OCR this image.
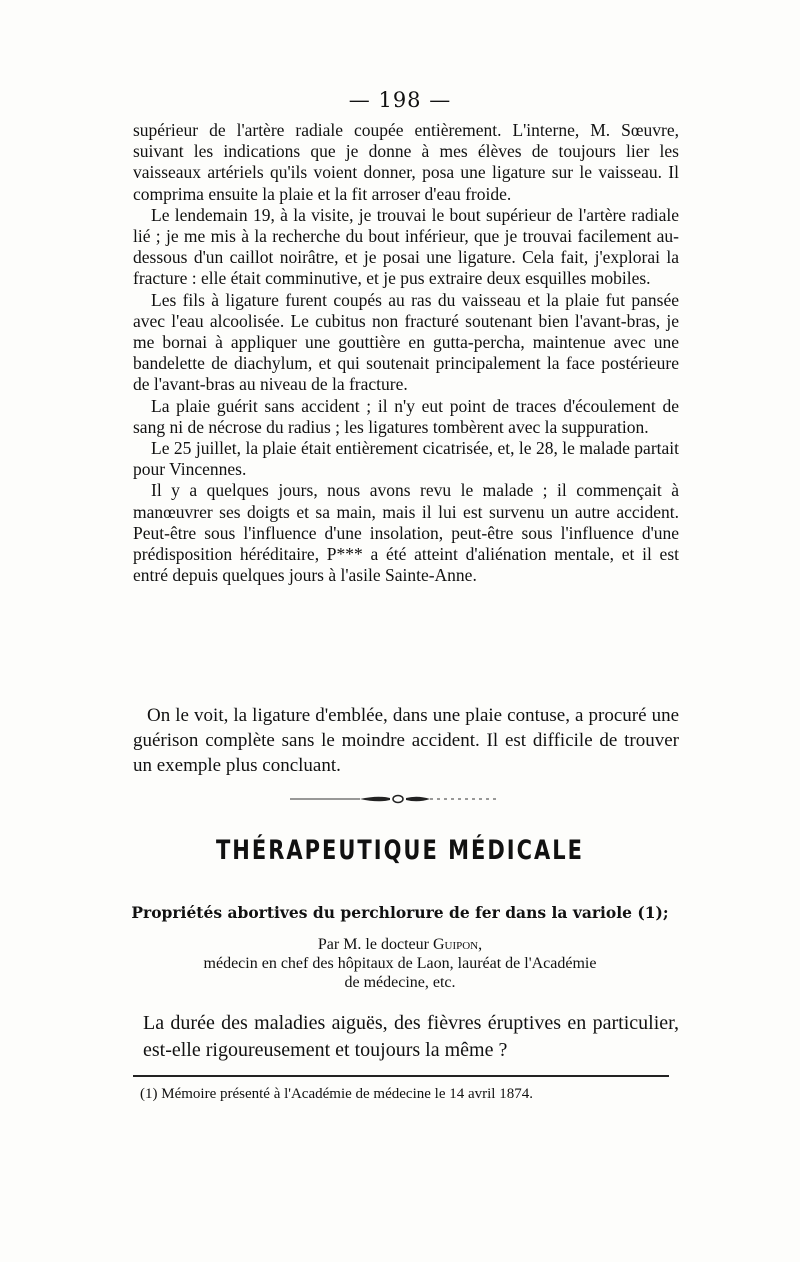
— 198 —

supérieur de l'artère radiale coupée entièrement. L'interne, M. Sœuvre, suivant les indications que je donne à mes élèves de toujours lier les vaisseaux artériels qu'ils voient donner, posa une ligature sur le vaisseau. Il comprima ensuite la plaie et la fit arroser d'eau froide.

Le lendemain 19, à la visite, je trouvai le bout supérieur de l'artère radiale lié ; je me mis à la recherche du bout inférieur, que je trouvai facilement au-dessous d'un caillot noirâtre, et je posai une ligature. Cela fait, j'explorai la fracture : elle était comminutive, et je pus extraire deux esquilles mobiles.

Les fils à ligature furent coupés au ras du vaisseau et la plaie fut pansée avec l'eau alcoolisée. Le cubitus non fracturé soutenant bien l'avant-bras, je me bornai à appliquer une gouttière en gutta-percha, maintenue avec une bandelette de diachylum, et qui soutenait principalement la face postérieure de l'avant-bras au niveau de la fracture.

La plaie guérit sans accident ; il n'y eut point de traces d'écoulement de sang ni de nécrose du radius ; les ligatures tombèrent avec la suppuration.

Le 25 juillet, la plaie était entièrement cicatrisée, et, le 28, le malade partait pour Vincennes.

Il y a quelques jours, nous avons revu le malade ; il commençait à manœuvrer ses doigts et sa main, mais il lui est survenu un autre accident. Peut-être sous l'influence d'une insolation, peut-être sous l'influence d'une prédisposition héréditaire, P*** a été atteint d'aliénation mentale, et il est entré depuis quelques jours à l'asile Sainte-Anne.

On le voit, la ligature d'emblée, dans une plaie contuse, a procuré une guérison complète sans le moindre accident. Il est difficile de trouver un exemple plus concluant.

THÉRAPEUTIQUE MÉDICALE
Propriétés abortives du perchlorure de fer dans la variole (1);
Par M. le docteur Guipon,
médecin en chef des hôpitaux de Laon, lauréat de l'Académie
de médecine, etc.

La durée des maladies aiguës, des fièvres éruptives en particulier, est-elle rigoureusement et toujours la même ?

(1) Mémoire présenté à l'Académie de médecine le 14 avril 1874.
